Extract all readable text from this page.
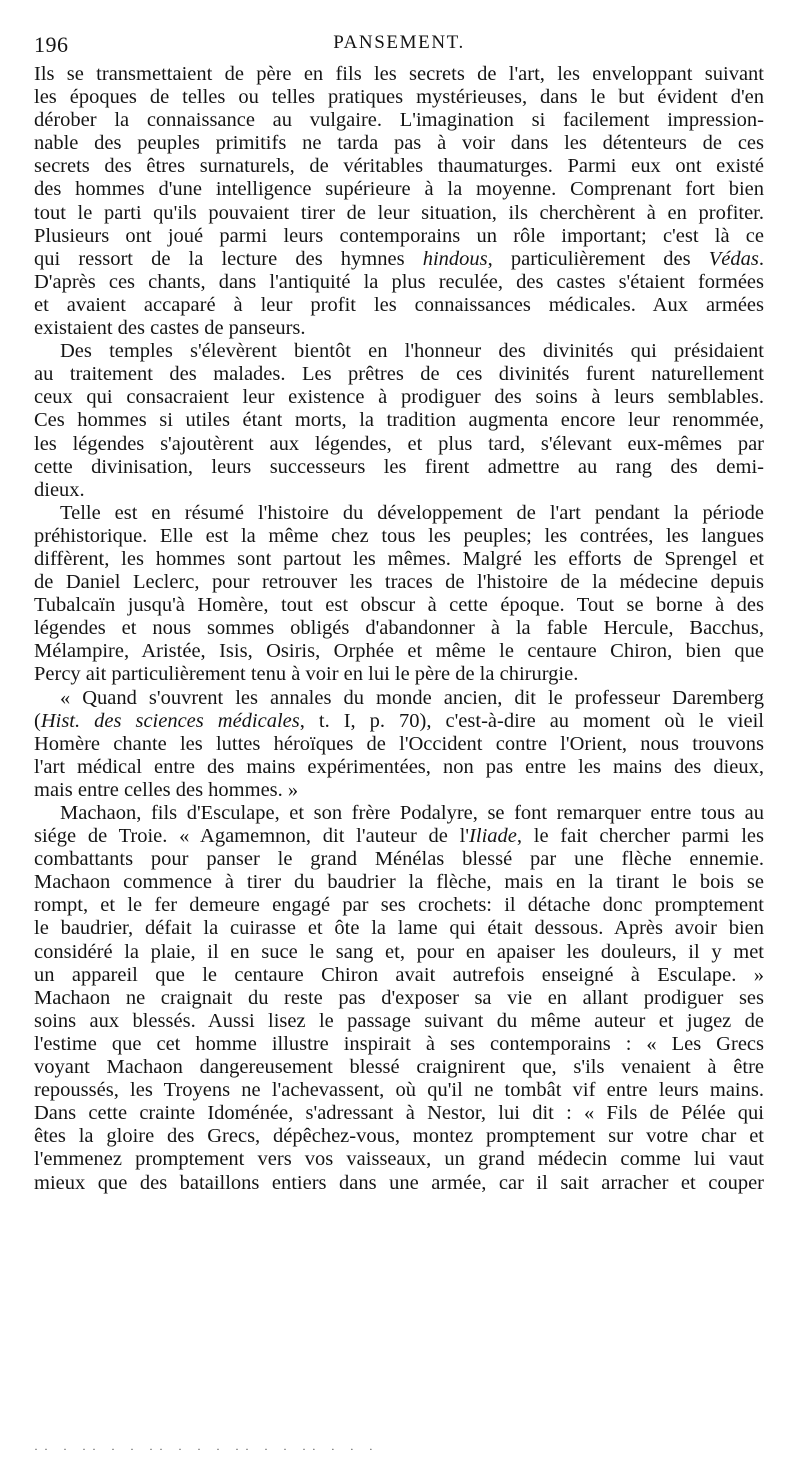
196	PANSEMENT.
Ils se transmettaient de père en fils les secrets de l'art, les enveloppant suivant
les époques de telles ou telles pratiques mystérieuses, dans le but évident d'en
dérober la connaissance au vulgaire. L'imagination si facilement impression-
nable des peuples primitifs ne tarda pas à voir dans les détenteurs de ces
secrets des êtres surnaturels, de véritables thaumaturges. Parmi eux ont existé
des hommes d'une intelligence supérieure à la moyenne. Comprenant fort bien
tout le parti qu'ils pouvaient tirer de leur situation, ils cherchèrent à en profiter.
Plusieurs ont joué parmi leurs contemporains un rôle important; c'est là ce
qui ressort de la lecture des hymnes hindous, particulièrement des Védas.
D'après ces chants, dans l'antiquité la plus reculée, des castes s'étaient formées
et avaient accaparé à leur profit les connaissances médicales. Aux armées
existaient des castes de panseurs.
Des temples s'élevèrent bientôt en l'honneur des divinités qui présidaient
au traitement des malades. Les prêtres de ces divinités furent naturellement
ceux qui consacraient leur existence à prodiguer des soins à leurs semblables.
Ces hommes si utiles étant morts, la tradition augmenta encore leur renommée,
les légendes s'ajoutèrent aux légendes, et plus tard, s'élevant eux-mêmes par
cette divinisation, leurs successeurs les firent admettre au rang des demi-
dieux.
Telle est en résumé l'histoire du développement de l'art pendant la période
préhistorique. Elle est la même chez tous les peuples; les contrées, les langues
diffèrent, les hommes sont partout les mêmes. Malgré les efforts de Sprengel et
de Daniel Leclerc, pour retrouver les traces de l'histoire de la médecine depuis
Tubalcaïn jusqu'à Homère, tout est obscur à cette époque. Tout se borne à des
légendes et nous sommes obligés d'abandonner à la fable Hercule, Bacchus,
Mélampire, Aristée, Isis, Osiris, Orphée et même le centaure Chiron, bien que
Percy ait particulièrement tenu à voir en lui le père de la chirurgie.
« Quand s'ouvrent les annales du monde ancien, dit le professeur Daremberg
(Hist. des sciences médicales, t. I, p. 70), c'est-à-dire au moment où le vieil
Homère chante les luttes héroïques de l'Occident contre l'Orient, nous trouvons
l'art médical entre des mains expérimentées, non pas entre les mains des dieux,
mais entre celles des hommes. »
Machaon, fils d'Esculape, et son frère Podalyre, se font remarquer entre tous au
siége de Troie. « Agamemnon, dit l'auteur de l'Iliade, le fait chercher parmi les
combattants pour panser le grand Ménélas blessé par une flèche ennemie.
Machaon commence à tirer du baudrier la flèche, mais en la tirant le bois se
rompt, et le fer demeure engagé par ses crochets: il détache donc promptement
le baudrier, défait la cuirasse et ôte la lame qui était dessous. Après avoir bien
considéré la plaie, il en suce le sang et, pour en apaiser les douleurs, il y met
un appareil que le centaure Chiron avait autrefois enseigné à Esculape. »
Machaon ne craignait du reste pas d'exposer sa vie en allant prodiguer ses
soins aux blessés. Aussi lisez le passage suivant du même auteur et jugez de
l'estime que cet homme illustre inspirait à ses contemporains : « Les Grecs
voyant Machaon dangereusement blessé craignirent que, s'ils venaient à être
repoussés, les Troyens ne l'achevassent, où qu'il ne tombât vif entre leurs mains.
Dans cette crainte Idoménée, s'adressant à Nestor, lui dit : « Fils de Pélée qui
êtes la gloire des Grecs, dépêchez-vous, montez promptement sur votre char et
l'emmenez promptement vers vos vaisseaux, un grand médecin comme lui vaut
mieux que des bataillons entiers dans une armée, car il sait arracher et couper
·· · ·· · · ·· · · · ·· · · ·· · · ·
